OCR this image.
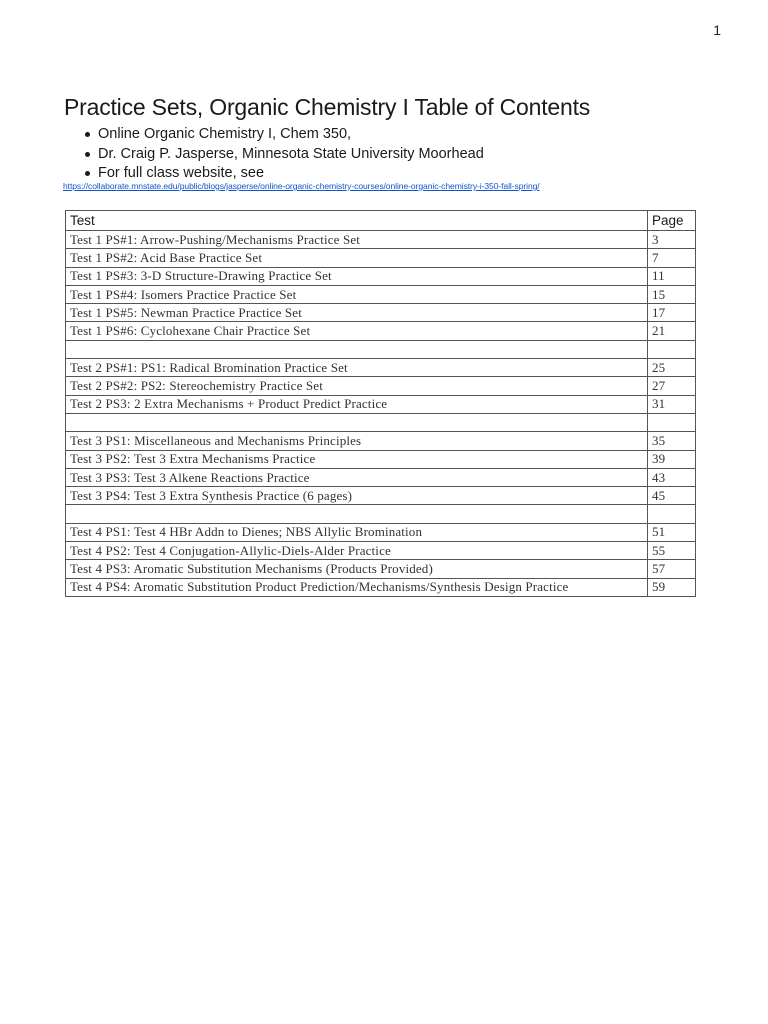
1
Practice Sets, Organic Chemistry I Table of Contents
Online Organic Chemistry I, Chem 350,
Dr. Craig P. Jasperse, Minnesota State University Moorhead
For full class website, see
https://collaborate.mnstate.edu/public/blogs/jasperse/online-organic-chemistry-courses/online-organic-chemistry-i-350-fall-spring/
Test	Page
Test 1 PS#1: Arrow-Pushing/Mechanisms Practice Set	3
Test 1 PS#2: Acid Base Practice Set	7
Test 1 PS#3: 3-D Structure-Drawing Practice Set	11
Test 1 PS#4: Isomers Practice Practice Set	15
Test 1 PS#5: Newman Practice Practice Set	17
Test 1 PS#6: Cyclohexane Chair Practice Set	21

Test 2 PS#1: PS1: Radical Bromination Practice Set	25
Test 2 PS#2: PS2: Stereochemistry Practice Set	27
Test 2 PS3: 2 Extra Mechanisms + Product Predict Practice	31

Test 3 PS1: Miscellaneous and Mechanisms Principles	35
Test 3 PS2: Test 3 Extra Mechanisms Practice	39
Test 3 PS3: Test 3 Alkene Reactions Practice	43
Test 3 PS4: Test 3 Extra Synthesis Practice (6 pages)	45

Test 4 PS1: Test 4 HBr Addn to Dienes; NBS Allylic Bromination	51
Test 4 PS2: Test 4 Conjugation-Allylic-Diels-Alder Practice	55
Test 4 PS3: Aromatic Substitution Mechanisms (Products Provided)	57
Test 4 PS4: Aromatic Substitution Product Prediction/Mechanisms/Synthesis Design Practice	59
